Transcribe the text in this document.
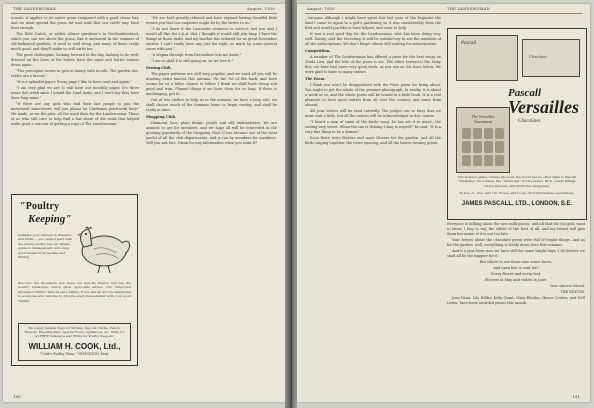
THE LANDSWOMAN	August, 1920

tomato, it applies to its native grass compared with a good clover hay, and we must spread the grass far and wide that our cattle may have food enough.

The little Dutch, or rather Alsace gardener's in Northumberland, which you can see above the grass, like it answered in the summer of old-fashioned gardens. It used to well sleep, and many of these really much good, and they'll make us still earth too.

The good clothespins, looking forward to the day, looking to be well-dressed on the lawn of the butter, beat the same and butter tomato down again.

"The porcupine seems to grin in luxury with mouth. The garden doc-tables are a favour."

"It is a splendid paper. Every page I like to have read and again."

"I am very glad we are to still have our monthly paper. It's three years this week since I joined the Land Army, and I can't say they have done long mine."

"If there are any girls who find their last people to join the movement somewhere, will you please let Christmas patchwork fairy? We made, as we the girls, all the work done for the Landswoman. Those of us who still care to help find a fair share of the work that helped make good a success of getting a copy of The Landswoman."

"Poultry
Keeping"
awakens your interest in Pleasure and Profit — you cannot start with the wrong stocks; see our simple guide to management, and enjoy good results from feeding and finding
Discover the thousands who have our Special Poultry and use the Poultry Catalogue, which gives up-to-date advice. Our "Improved Incubator Outfits" with its pure Tables, Food, and all are recommended to everyone who will like to provide every householder with your good Tablets.
We supply reliable Eggs for Sittings, Day-old Chicks, Pullets, Feeders, Breeding Pens. Special Foods, Appliances, etc. Write for our FREE Catalogue and "Hints for Poultry Keepers".
WILLIAM H. COOK, Ltd.,
"Cook's Poultry Farm," ORPINGTON, Kent.

"We are both greatly relieved and have enjoyed having dreadful little events you that our enquiries might be by the better to us."

"I do not know if the Lancaster sentence is correct, but you and I would all like the L.A.A. that I thought it would still join busy. I have the things at those tasks, and my brother has ordered for us great November entries. I can't really have any just the right, as much by some general cases with you."

"A stigma through from Devonshire lets me know."

"I am so glad it is still going on, as we love it."

Sewing Club.

The paper patterns are still very popular, and we need all you will be drawing extra fancies this autumn. On the 1st of the back, and have rooms for us a fuller chance to follow. I think we shall have cheap and good and trim. Flannel things if we have them for so long. If there is unchanging, put in.

Out of two clothes to help us in the autumn, we have a long sale; we shall choose much of the Summer home to begin sewing, and shall be ready in time.

Shopping Club.

Diamond, lace, plain things, pearls and silk embroideries. We are anxious to get for members, and we hope all will be interested in the growing popularity of the Shopping Club. It has become one of the most useful of all the club departments, and is run by members for members. Will you ask Mrs. Dixon for any information when you want it?

190
August, 1920	THE LANDSWOMAN

...because although I might have spent this last year of the beginner the land I came to again to a girl's gardening so it was considerably from the first and would you like to have helped, and want to help.

It was a real good day for the Landswoman, who has been doing very well. Surely, said the Secretary, it will be satisfactory to see the numbers of all the subscriptions. We don't forget others still waiting for subscriptions.

Competition.

A number of The Landswoman has offered a prize for the best essay on Trade Law, and the title of the poem is set. The other (extracts) the lucky few; we have had some very good work, as you see on the lines below. We were glad to have so many entries.

The Poem.

I think you won't be disappointed with the Prize poem we bring about. You ought to get the whole of the genuine photograph. In reality, it is about a week or so, and the whole poem will be issued in a little book. It is a real pleasure to have good entries from all over the country, and some from abroad.

All your letters will be read carefully. The judges are so busy that we must wait a little, but all the entries will be acknowledged in due course.

"I heard a man of some of the birds' song: he has set it to music, the ending very sweet. When the sun is shining I sing to myself," he said, "it is a very fine thing to be a farmer."

Soon there were flowers and more flowers for the garden, and all the birds singing together, the roses opening, and all the leaves turning green.

Pascall
Chocolates
The Versailles Assortment
Pascall
Versailles
Chocolates
The modern palate craving the best, the world has no other taste to Pascall "Versailles" Chocolates, the "Aristocrat" of Chocolates. Rich, cream fillings, choice flavours, and attractive wrappings.
In 4oz, 1/-, 8oz, and 1 lb. Boxes, and loose. Of Confectioners everywhere.
JAMES PASCALL, LTD., LONDON, S.E.

Everyone is talking about the new milk pieces, and all that the tea girls want to know. I beg to say, the whole of the best of all, and my friend will give them her name, if it is not too late.

Your letters about the chocolate poem were full of bright things. And as for the garden, well, everything is lovely down here this summer.

And if a year from now we have still the same bright days, I do believe we shall all be the happier for it.

But where to see those rare sweet faces,

And open fair to wait for?

Every flower and every leaf,

Flowers in May and violets in June.

Your sincere friend,

THE EDITOR.

Joan Dean, Lily Hilder, Kitty Grant, Mary Rhodes, Honor Cowles, and Nell Lewis, have been awarded prizes this month.

191
